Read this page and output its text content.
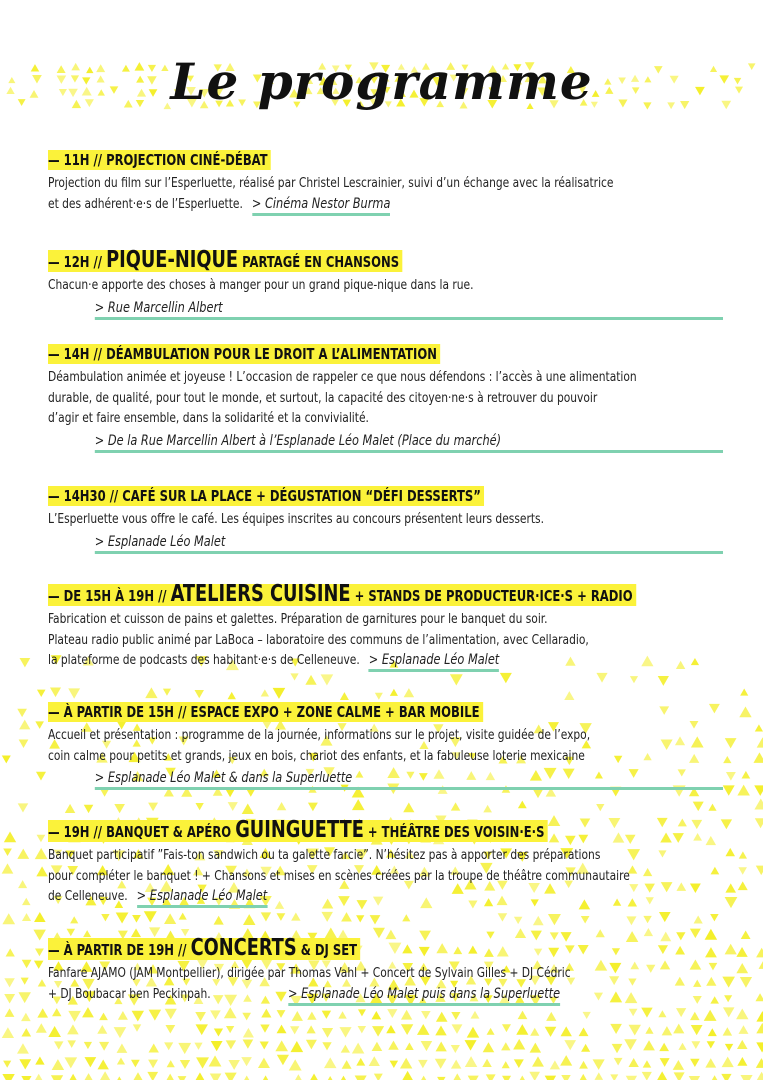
Le programme
— 11H // PROJECTION CINÉ-DÉBAT
Projection du film sur l’Esperluette, réalisé par Christel Lescrainier, suivi d’un échange avec la réalisatrice
et des adhérent·e·s de l’Esperluette. > Cinéma Nestor Burma
— 12H // PIQUE-NIQUE PARTAGÉ EN CHANSONS
Chacun·e apporte des choses à manger pour un grand pique-nique dans la rue.
> Rue Marcellin Albert
— 14H // DÉAMBULATION POUR LE DROIT A L’ALIMENTATION
Déambulation animée et joyeuse ! L’occasion de rappeler ce que nous défendons : l’accès à une alimentation
durable, de qualité, pour tout le monde, et surtout, la capacité des citoyen·ne·s à retrouver du pouvoir
d’agir et faire ensemble, dans la solidarité et la convivialité.
> De la Rue Marcellin Albert à l’Esplanade Léo Malet (Place du marché)
— 14H30 // CAFÉ SUR LA PLACE + DÉGUSTATION “DÉFI DESSERTS”
L’Esperluette vous offre le café. Les équipes inscrites au concours présentent leurs desserts.
> Esplanade Léo Malet
— DE 15H À 19H // ATELIERS CUISINE + STANDS DE PRODUCTEUR·ICE·S + RADIO
Fabrication et cuisson de pains et galettes. Préparation de garnitures pour le banquet du soir.
Plateau radio public animé par LaBoca – laboratoire des communs de l’alimentation, avec Cellaradio,
la plateforme de podcasts des habitant·e·s de Celleneuve. > Esplanade Léo Malet
— À PARTIR DE 15H // ESPACE EXPO + ZONE CALME + BAR MOBILE
Accueil et présentation : programme de la journée, informations sur le projet, visite guidée de l’expo,
coin calme pour petits et grands, jeux en bois, chariot des enfants, et la fabuleuse loterie mexicaine
> Esplanade Léo Malet & dans la Superluette
— 19H // BANQUET & APÉRO GUINGUETTE + THÉÂTRE DES VOISIN·E·S
Banquet participatif ”Fais-ton sandwich ou ta galette farcie”. N’hésitez pas à apporter des préparations
pour compléter le banquet ! + Chansons et mises en scènes créées par la troupe de théâtre communautaire
de Celleneuve. > Esplanade Léo Malet
— À PARTIR DE 19H // CONCERTS & DJ SET
Fanfare AJAMO (JAM Montpellier), dirigée par Thomas Vahl + Concert de Sylvain Gilles + DJ Cédric
+ DJ Boubacar ben Peckinpah.	> Esplanade Léo Malet puis dans la Superluette
